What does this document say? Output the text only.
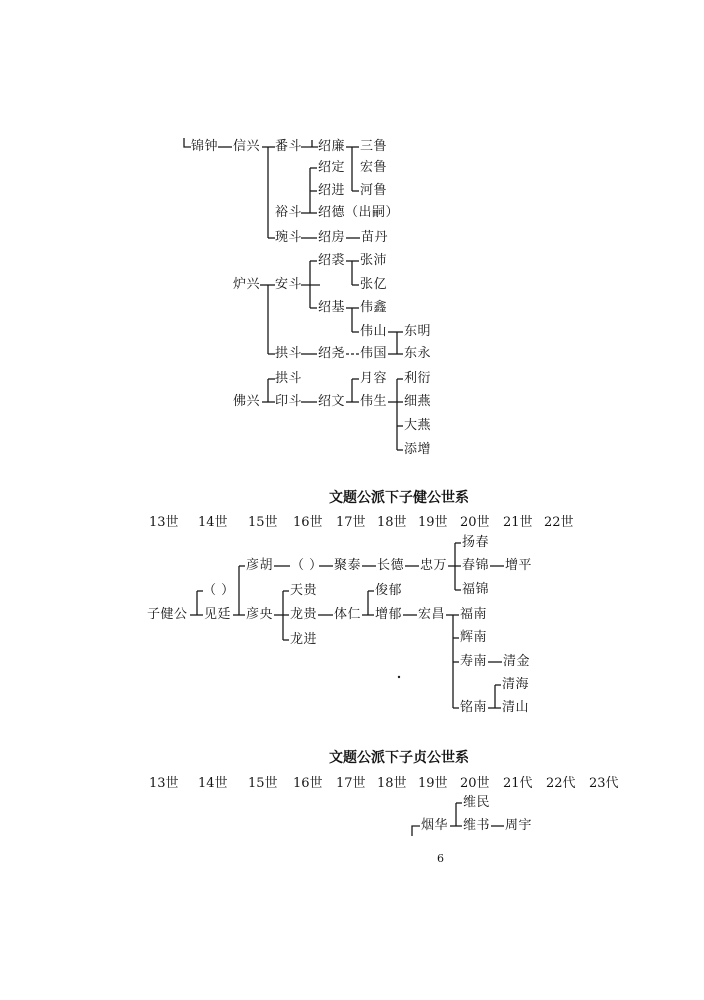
锦钟 信兴 番斗 绍廉 三鲁
宏鲁
绍定
绍进 河鲁
裕斗 绍德（出嗣）
琬斗 绍房 苗丹
炉兴 安斗
绍裘 张沛
张亿
绍基 伟鑫
伟山 东明
拱斗 绍尧 伟国 东永
拱斗
佛兴 印斗 绍文
月容
伟生
利衍
细燕
大燕
添增
文题公派下子健公世系
13世 14世 15世 16世 17世 18世 19世 20世 21世 22世
子健公
（ ）
见廷
彦胡 （ ） 聚泰 长德 忠万
扬春
春锦 增平
福锦
彦央
天贵
龙贵 体仁
龙进
俊郁
增郁 宏昌 福南
辉南
寿南 清金
清海
铭南 清山
文题公派下子贞公世系
13世 14世 15世 16世 17世 18世 19世 20世 21代 22代 23代
烟华
维民
维书 周宇
6
